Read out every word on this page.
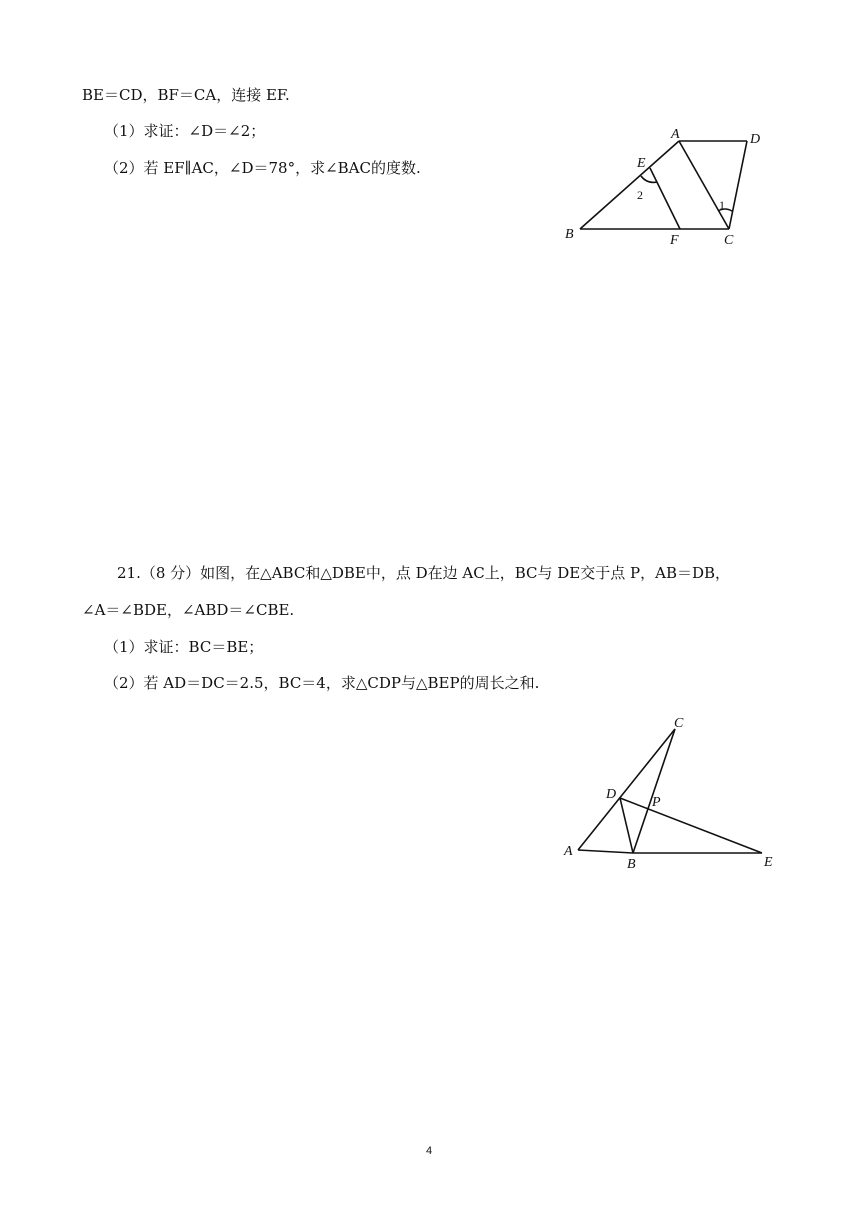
BE＝CD，BF＝CA，连接 EF.
（1）求证：∠D＝∠2；
（2）若 EF∥AC，∠D＝78°，求∠BAC的度数.
A	D
E
B	F	C
2
1
21.（8 分）如图，在△ABC和△DBE中，点 D在边 AC上，BC与 DE交于点 P，AB＝DB，
∠A＝∠BDE，∠ABD＝∠CBE.
（1）求证：BC＝BE；
（2）若 AD＝DC＝2.5，BC＝4，求△CDP与△BEP的周长之和.
C
D
P
A
B	E
4
